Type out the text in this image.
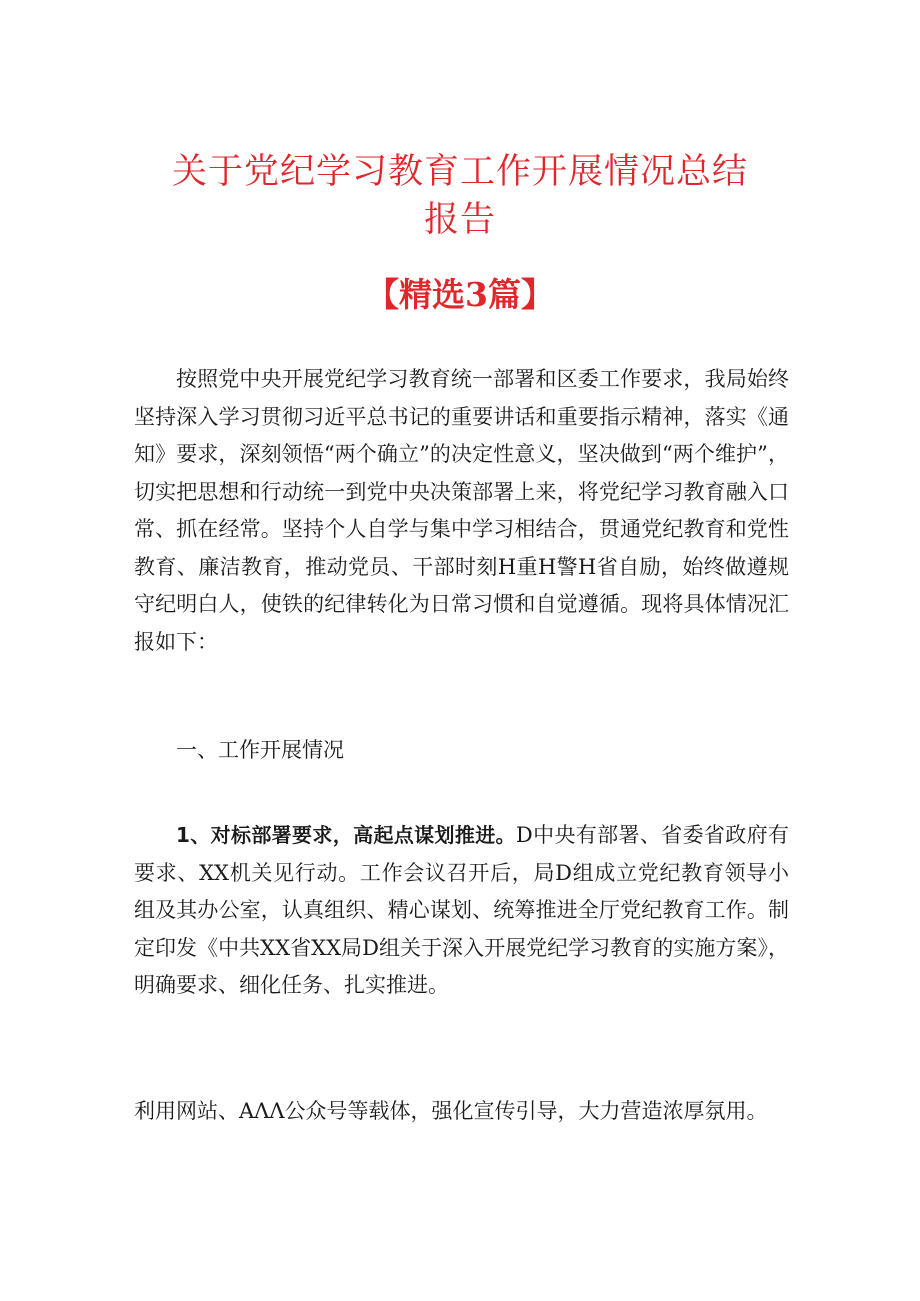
关于党纪学习教育工作开展情况总结
报告
【精选3篇】

按照党中央开展党纪学习教育统一部署和区委工作要求，我局始终坚持深入学习贯彻习近平总书记的重要讲话和重要指示精神，落实《通知》要求，深刻领悟“两个确立”的决定性意义，坚决做到“两个维护”，切实把思想和行动统一到党中央决策部署上来，将党纪学习教育融入口常、抓在经常。坚持个人自学与集中学习相结合，贯通党纪教育和党性教育、廉洁教育，推动党员、干部时刻H重H警H省自励，始终做遵规守纪明白人，使铁的纪律转化为日常习惯和自觉遵循。现将具体情况汇报如下：

一、工作开展情况

1、对标部署要求，高起点谋划推进。D中央有部署、省委省政府有要求、XX机关见行动。工作会议召开后，局D组成立党纪教育领导小组及其办公室，认真组织、精心谋划、统筹推进全厅党纪教育工作。制定印发《中共XX省XX局D组关于深入开展党纪学习教育的实施方案》，明确要求、细化任务、扎实推进。

利用网站、AΛΛ公众号等载体，强化宣传引导，大力营造浓厚氛用。
